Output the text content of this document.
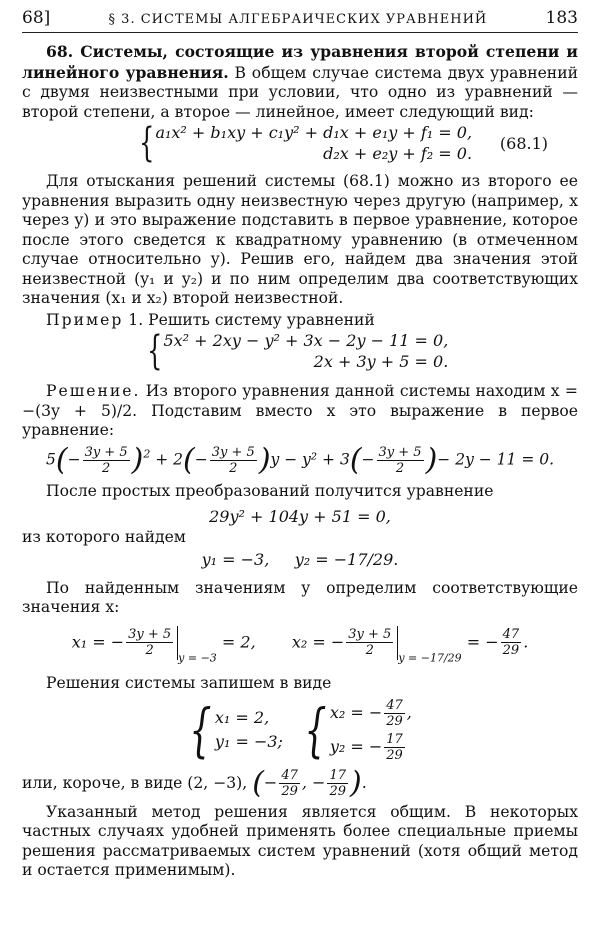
68]	§ 3. СИСТЕМЫ АЛГЕБРАИЧЕСКИХ УРАВНЕНИЙ	183

68. Системы, состоящие из уравнения второй степени и линейного уравнения. В общем случае система двух уравнений с двумя неизвестными при условии, что одно из уравнений — второй степени, а второе — линейное, имеет следующий вид:

{ a₁x² + b₁xy + c₁y² + d₁x + e₁y + f₁ = 0,
d₂x + e₂y + f₂ = 0.
(68.1)

Для отыскания решений системы (68.1) можно из второго ее уравнения выразить одну неизвестную через другую (например, x через y) и это выражение подставить в первое уравнение, которое после этого сведется к квадратному уравнению (в отмеченном случае относительно y). Решив его, найдем два значения этой неизвестной (y₁ и y₂) и по ним определим два соответствующих значения (x₁ и x₂) второй неизвестной.

Пример 1. Решить систему уравнений

{ 5x² + 2xy − y² + 3x − 2y − 11 = 0,
2x + 3y + 5 = 0.

Решение. Из второго уравнения данной системы находим x = −(3y + 5)/2. Подставим вместо x это выражение в первое уравнение:

$5(- \frac{3y + 5}{2} )^2 + 2(- \frac{3y + 5}{2} )y - y^2 + 3(- \frac{3y + 5}{2}$ )− 2y − 11 = 0.

После простых преобразований получится уравнение

29y² + 104y + 51 = 0,

из которого найдем

y₁ = −3,     y₂ = −17/29.

По найденным значениям y определим соответствующие значения x:

x₁ = − $\frac{3y + 5}{2} _{y = -3} = 2$, x₂ = − $\frac{3y + 5}{2} _{y = -17/29}$ = − $\frac{47}{29}$ .

Решения системы запишем в виде

{ x₁ = 2,
y₁ = −3; { x₂ = − $\frac{47}{29}$ ,
y₂ = − $\frac{17}{29}$

или, короче, в виде (2, −3), (− $\frac{47}{29}$ , − $\frac{17}{29}$ ).

Указанный метод решения является общим. В некоторых частных случаях удобней применять более специальные приемы решения рассматриваемых систем уравнений (хотя общий метод и остается применимым).
